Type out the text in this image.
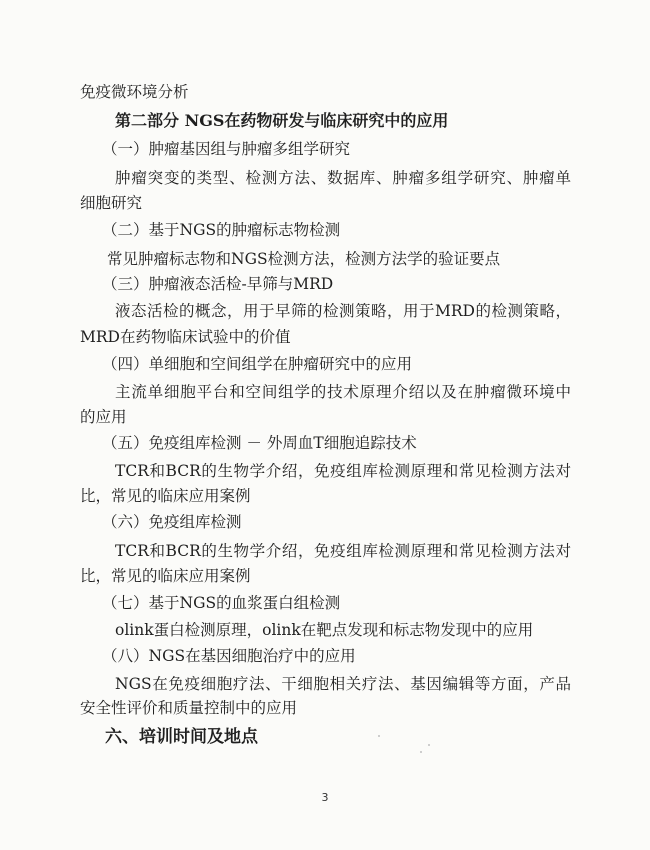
免疫微环境分析
第二部分 NGS在药物研发与临床研究中的应用
（一）肿瘤基因组与肿瘤多组学研究
肿瘤突变的类型、检测方法、数据库、肿瘤多组学研究、肿瘤单
细胞研究
（二）基于NGS的肿瘤标志物检测
常见肿瘤标志物和NGS检测方法，检测方法学的验证要点
（三）肿瘤液态活检-早筛与MRD
液态活检的概念，用于早筛的检测策略，用于MRD的检测策略，
MRD在药物临床试验中的价值
（四）单细胞和空间组学在肿瘤研究中的应用
主流单细胞平台和空间组学的技术原理介绍以及在肿瘤微环境中
的应用
（五）免疫组库检测 － 外周血T细胞追踪技术
TCR和BCR的生物学介绍，免疫组库检测原理和常见检测方法对
比，常见的临床应用案例
（六）免疫组库检测
TCR和BCR的生物学介绍，免疫组库检测原理和常见检测方法对
比，常见的临床应用案例
（七）基于NGS的血浆蛋白组检测
olink蛋白检测原理，olink在靶点发现和标志物发现中的应用
（八）NGS在基因细胞治疗中的应用
NGS在免疫细胞疗法、干细胞相关疗法、基因编辑等方面，产品
安全性评价和质量控制中的应用
六、培训时间及地点
3
